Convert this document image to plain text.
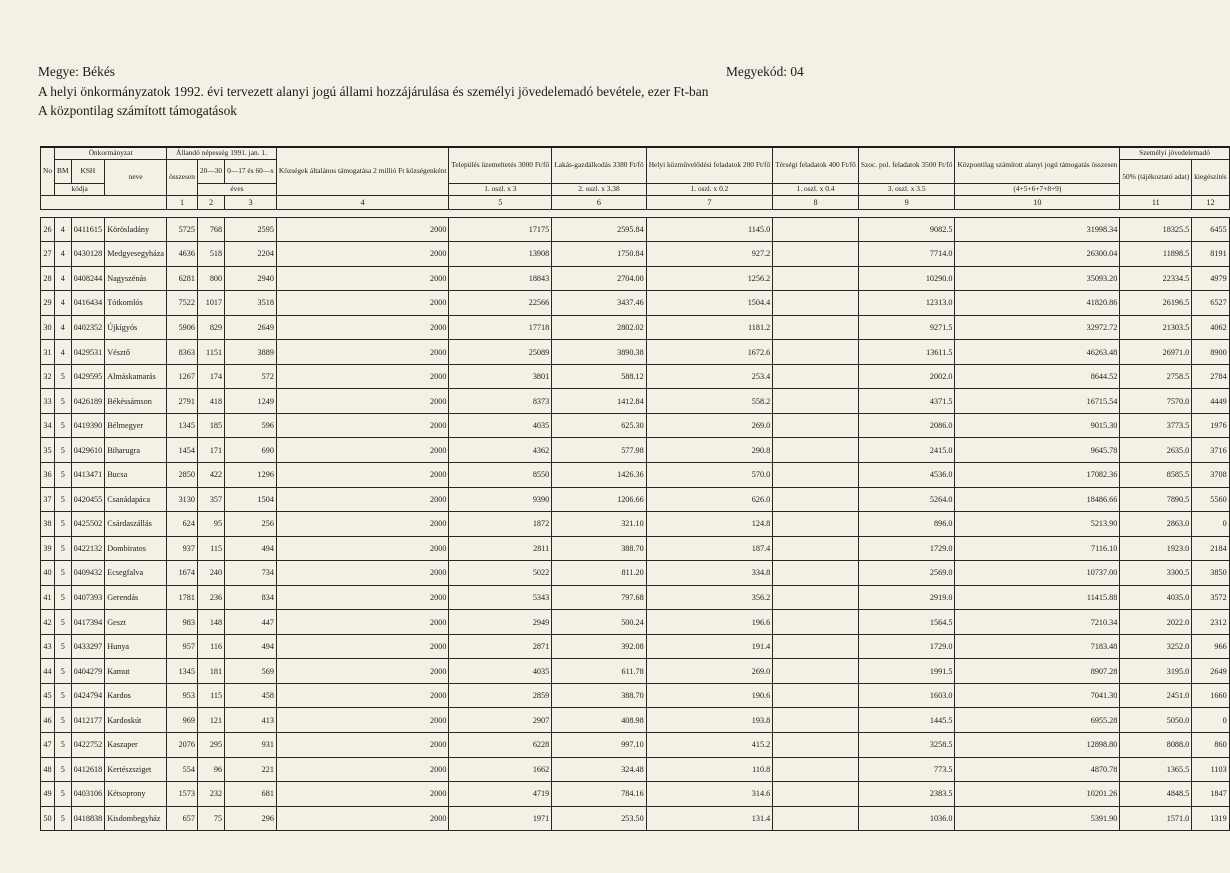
Megye: Békés	Megyekód: 04
A helyi önkormányzatok 1992. évi tervezett alanyi jogú állami hozzájárulása és személyi jövedelemadó bevétele, ezer Ft-ban
A központilag számított támogatások
No	Önkormányzat			Állandó népesség 1991. jan. 1.			Községek általános támogatása 2 millió Ft községenként	Település üzemeltetés 3000 Ft/fő	Lakás-gazdálkodás 3380 Ft/fő	Helyi közművelődési feladatok 200 Ft/fő	Térségi feladatok 400 Ft/fő	Szoc. pol. feladatok 3500 Ft/fő	Központilag számított alanyi jogú támogatás összesen	Személyi jövedelemadó	
	BM	KSH	neve	összesen	20—30	0—17 és 60—x								50% (tájékoztató adat)	kiegészítés
	kódja				éves			1. oszl. x 3	2. oszl. x 3.38	1. oszl. x 0.2	1. oszl. x 0.4	3. oszl. x 3.5	(4+5+6+7+8+9)		
				1	2	3	4	5	6	7	8	9	10	11	12

26	4	0411615	Körösladány	5725	768	2595	2000	17175	2595.84	1145.0		9082.5	31998.34	18325.5	6455
27	4	0430128	Medgyesegyháza	4636	518	2204	2000	13908	1750.84	927.2		7714.0	26300.04	11898.5	8191
28	4	0408244	Nagyszénás	6281	800	2940	2000	18843	2704.00	1256.2		10290.0	35093.20	22334.5	4979
29	4	0416434	Tótkomlós	7522	1017	3518	2000	22566	3437.46	1504.4		12313.0	41820.86	26196.5	6527
30	4	0402352	Újkígyós	5906	829	2649	2000	17718	2802.02	1181.2		9271.5	32972.72	21303.5	4062
31	4	0429531	Vésztő	8363	1151	3889	2000	25089	3890.38	1672.6		13611.5	46263.48	26971.0	8900
32	5	0429595	Almáskamarás	1267	174	572	2000	3801	588.12	253.4		2002.0	8644.52	2758.5	2784
33	5	0426189	Békéssámson	2791	418	1249	2000	8373	1412.84	558.2		4371.5	16715.54	7570.0	4449
34	5	0419390	Bélmegyer	1345	185	596	2000	4035	625.30	269.0		2086.0	9015.30	3773.5	1976
35	5	0429610	Biharugra	1454	171	690	2000	4362	577.98	290.8		2415.0	9645.78	2635.0	3716
36	5	0413471	Bucsa	2850	422	1296	2000	8550	1426.36	570.0		4536.0	17082.36	8585.5	3708
37	5	0420455	Csanádapáca	3130	357	1504	2000	9390	1206.66	626.0		5264.0	18486.66	7890.5	5560
38	5	0425502	Csárdaszállás	624	95	256	2000	1872	321.10	124.8		896.0	5213.90	2863.0	0
39	5	0422132	Dombiratos	937	115	494	2000	2811	388.70	187.4		1729.0	7116.10	1923.0	2184
40	5	0409432	Ecsegfalva	1674	240	734	2000	5022	811.20	334.8		2569.0	10737.00	3300.5	3850
41	5	0407393	Gerendás	1781	236	834	2000	5343	797.68	356.2		2919.0	11415.88	4035.0	3572
42	5	0417394	Geszt	983	148	447	2000	2949	500.24	196.6		1564.5	7210.34	2022.0	2312
43	5	0433297	Hunya	957	116	494	2000	2871	392.08	191.4		1729.0	7183.48	3252.0	966
44	5	0404279	Kamut	1345	181	569	2000	4035	611.78	269.0		1991.5	8907.28	3195.0	2649
45	5	0424794	Kardos	953	115	458	2000	2859	388.70	190.6		1603.0	7041.30	2451.0	1660
46	5	0412177	Kardoskút	969	121	413	2000	2907	408.98	193.8		1445.5	6955.28	5050.0	0
47	5	0422752	Kaszaper	2076	295	931	2000	6228	997.10	415.2		3258.5	12898.80	8088.0	860
48	5	0412618	Kertészsziget	554	96	221	2000	1662	324.48	110.8		773.5	4870.78	1365.5	1103
49	5	0403106	Kétsoprony	1573	232	681	2000	4719	784.16	314.6		2383.5	10201.26	4848.5	1847
50	5	0418838	Kisdombegyház	657	75	296	2000	1971	253.50	131.4		1036.0	5391.90	1571.0	1319
